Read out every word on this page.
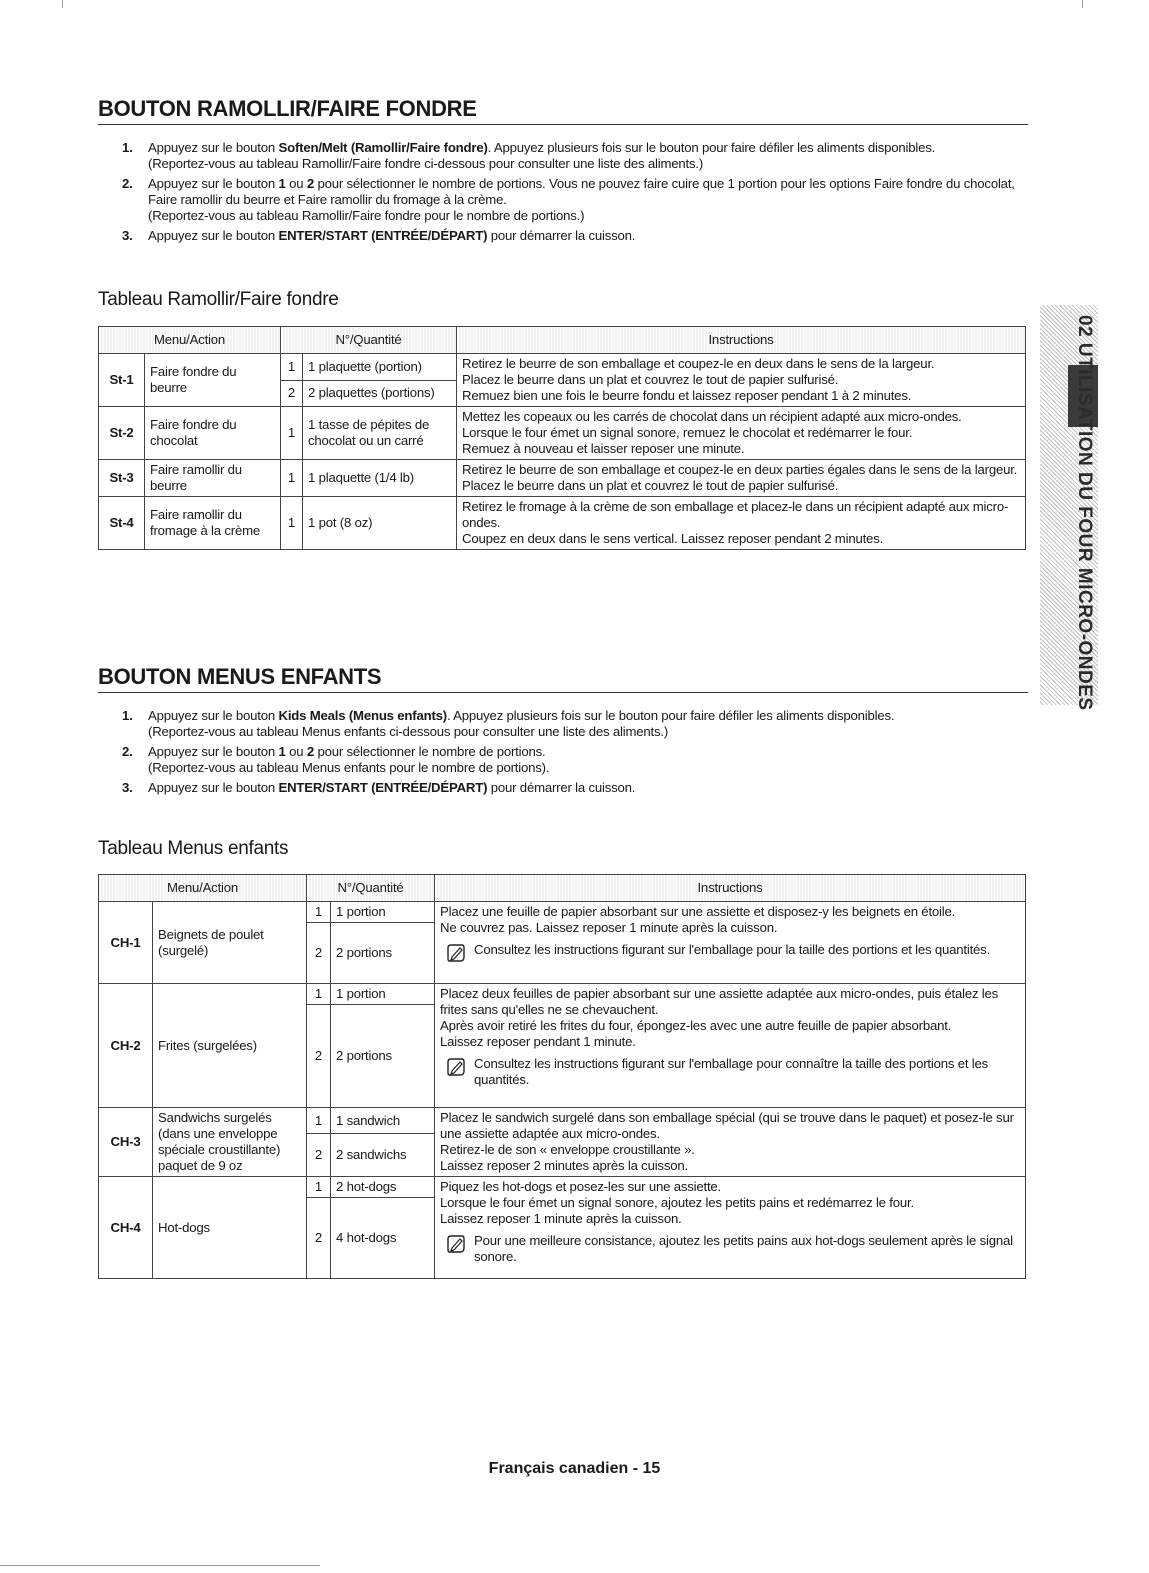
BOUTON RAMOLLIR/FAIRE FONDRE
1. Appuyez sur le bouton Soften/Melt (Ramollir/Faire fondre). Appuyez plusieurs fois sur le bouton pour faire défiler les aliments disponibles.
(Reportez-vous au tableau Ramollir/Faire fondre ci-dessous pour consulter une liste des aliments.)
2. Appuyez sur le bouton 1 ou 2 pour sélectionner le nombre de portions. Vous ne pouvez faire cuire que 1 portion pour les options Faire fondre du chocolat, Faire ramollir du beurre et Faire ramollir du fromage à la crème.
(Reportez-vous au tableau Ramollir/Faire fondre pour le nombre de portions.)
3. Appuyez sur le bouton ENTER/START (ENTRÉE/DÉPART) pour démarrer la cuisson.
Tableau Ramollir/Faire fondre
Menu/Action		N°/Quantité		Instructions
St-1	Faire fondre du beurre	1	1 plaquette (portion)	Retirez le beurre de son emballage et coupez-le en deux dans le sens de la largeur.
Placez le beurre dans un plat et couvrez le tout de papier sulfurisé.
Remuez bien une fois le beurre fondu et laissez reposer pendant 1 à 2 minutes.

		2	2 plaquettes (portions)	
St-2	Faire fondre du chocolat	1	1 tasse de pépites de chocolat ou un carré	Mettez les copeaux ou les carrés de chocolat dans un récipient adapté aux micro-ondes.
Lorsque le four émet un signal sonore, remuez le chocolat et redémarrer le four.
Remuez à nouveau et laisser reposer une minute.

St-3	Faire ramollir du beurre	1	1 plaquette (1/4 lb)	Retirez le beurre de son emballage et coupez-le en deux parties égales dans le sens de la largeur.
Placez le beurre dans un plat et couvrez le tout de papier sulfurisé.

St-4	Faire ramollir du fromage à la crème	1	1 pot (8 oz)	Retirez le fromage à la crème de son emballage et placez-le dans un récipient adapté aux micro-ondes.
Coupez en deux dans le sens vertical. Laissez reposer pendant 2 minutes.
BOUTON MENUS ENFANTS
1. Appuyez sur le bouton Kids Meals (Menus enfants). Appuyez plusieurs fois sur le bouton pour faire défiler les aliments disponibles.
(Reportez-vous au tableau Menus enfants ci-dessous pour consulter une liste des aliments.)
2. Appuyez sur le bouton 1 ou 2 pour sélectionner le nombre de portions.
(Reportez-vous au tableau Menus enfants pour le nombre de portions).
3. Appuyez sur le bouton ENTER/START (ENTRÉE/DÉPART) pour démarrer la cuisson.
Tableau Menus enfants
Menu/Action		N°/Quantité		Instructions
CH-1	Beignets de poulet (surgelé)	1	1 portion	Placez une feuille de papier absorbant sur une assiette et disposez-y les beignets en étoile.
Ne couvrez pas. Laissez reposer 1 minute après la cuisson.
Consultez les instructions figurant sur l'emballage pour la taille des portions et les quantités.

		2	2 portions	
CH-2	Frites (surgelées)	1	1 portion	Placez deux feuilles de papier absorbant sur une assiette adaptée aux micro-ondes, puis étalez les frites sans qu'elles ne se chevauchent.
Après avoir retiré les frites du four, épongez-les avec une autre feuille de papier absorbant.
Laissez reposer pendant 1 minute.
Consultez les instructions figurant sur l'emballage pour connaître la taille des portions et les quantités.

		2	2 portions	
CH-3	Sandwichs surgelés (dans une enveloppe spéciale croustillante) paquet de 9 oz	1	1 sandwich	Placez le sandwich surgelé dans son emballage spécial (qui se trouve dans le paquet) et posez-le sur une assiette adaptée aux micro-ondes.
Retirez-le de son « enveloppe croustillante ».
Laissez reposer 2 minutes après la cuisson.

		2	2 sandwichs	
CH-4	Hot-dogs	1	2 hot-dogs	Piquez les hot-dogs et posez-les sur une assiette.
Lorsque le four émet un signal sonore, ajoutez les petits pains et redémarrez le four.
Laissez reposer 1 minute après la cuisson.
Pour une meilleure consistance, ajoutez les petits pains aux hot-dogs seulement après le signal sonore.

		2	4 hot-dogs	
02 UTILISATION DU FOUR MICRO-ONDES
Français canadien - 15
